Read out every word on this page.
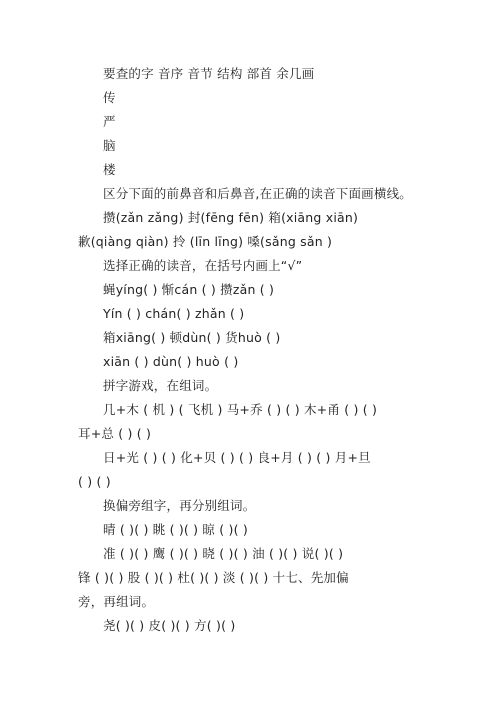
要查的字 音序 音节 结构 部首 余几画
传
严
脑
楼
区分下面的前鼻音和后鼻音,在正确的读音下面画横线。
攒(zǎn zǎng) 封(fēng fēn) 箱(xiāng xiān)
歉(qiàng qiàn) 拎 (līn līng) 嗓(sǎng sǎn )
选择正确的读音，在括号内画上“√”
蝇yíng( ) 惭cán ( ) 攒zǎn ( )
Yín ( ) chán( ) zhǎn ( )
箱xiāng( ) 顿dùn( ) 货huò ( )
xiān ( ) dùn( ) huò ( )
拼字游戏，在组词。
几+木 ( 机 ) ( 飞机 ) 马+乔 ( ) ( ) 木+甬 ( ) ( )
耳+总 ( ) ( )
日+光 ( ) ( ) 化+贝 ( ) ( ) 良+月 ( ) ( ) 月+旦
( ) ( )
换偏旁组字，再分别组词。
晴 ( )( ) 眺 ( )( ) 晾 ( )( )
准 ( )( ) 鹰 ( )( ) 晓 ( )( ) 油 ( )( ) 说( )( )
锋 ( )( ) 股 ( )( ) 杜( )( ) 淡 ( )( ) 十七、先加偏
旁，再组词。
尧( )( ) 皮( )( ) 方( )( )
